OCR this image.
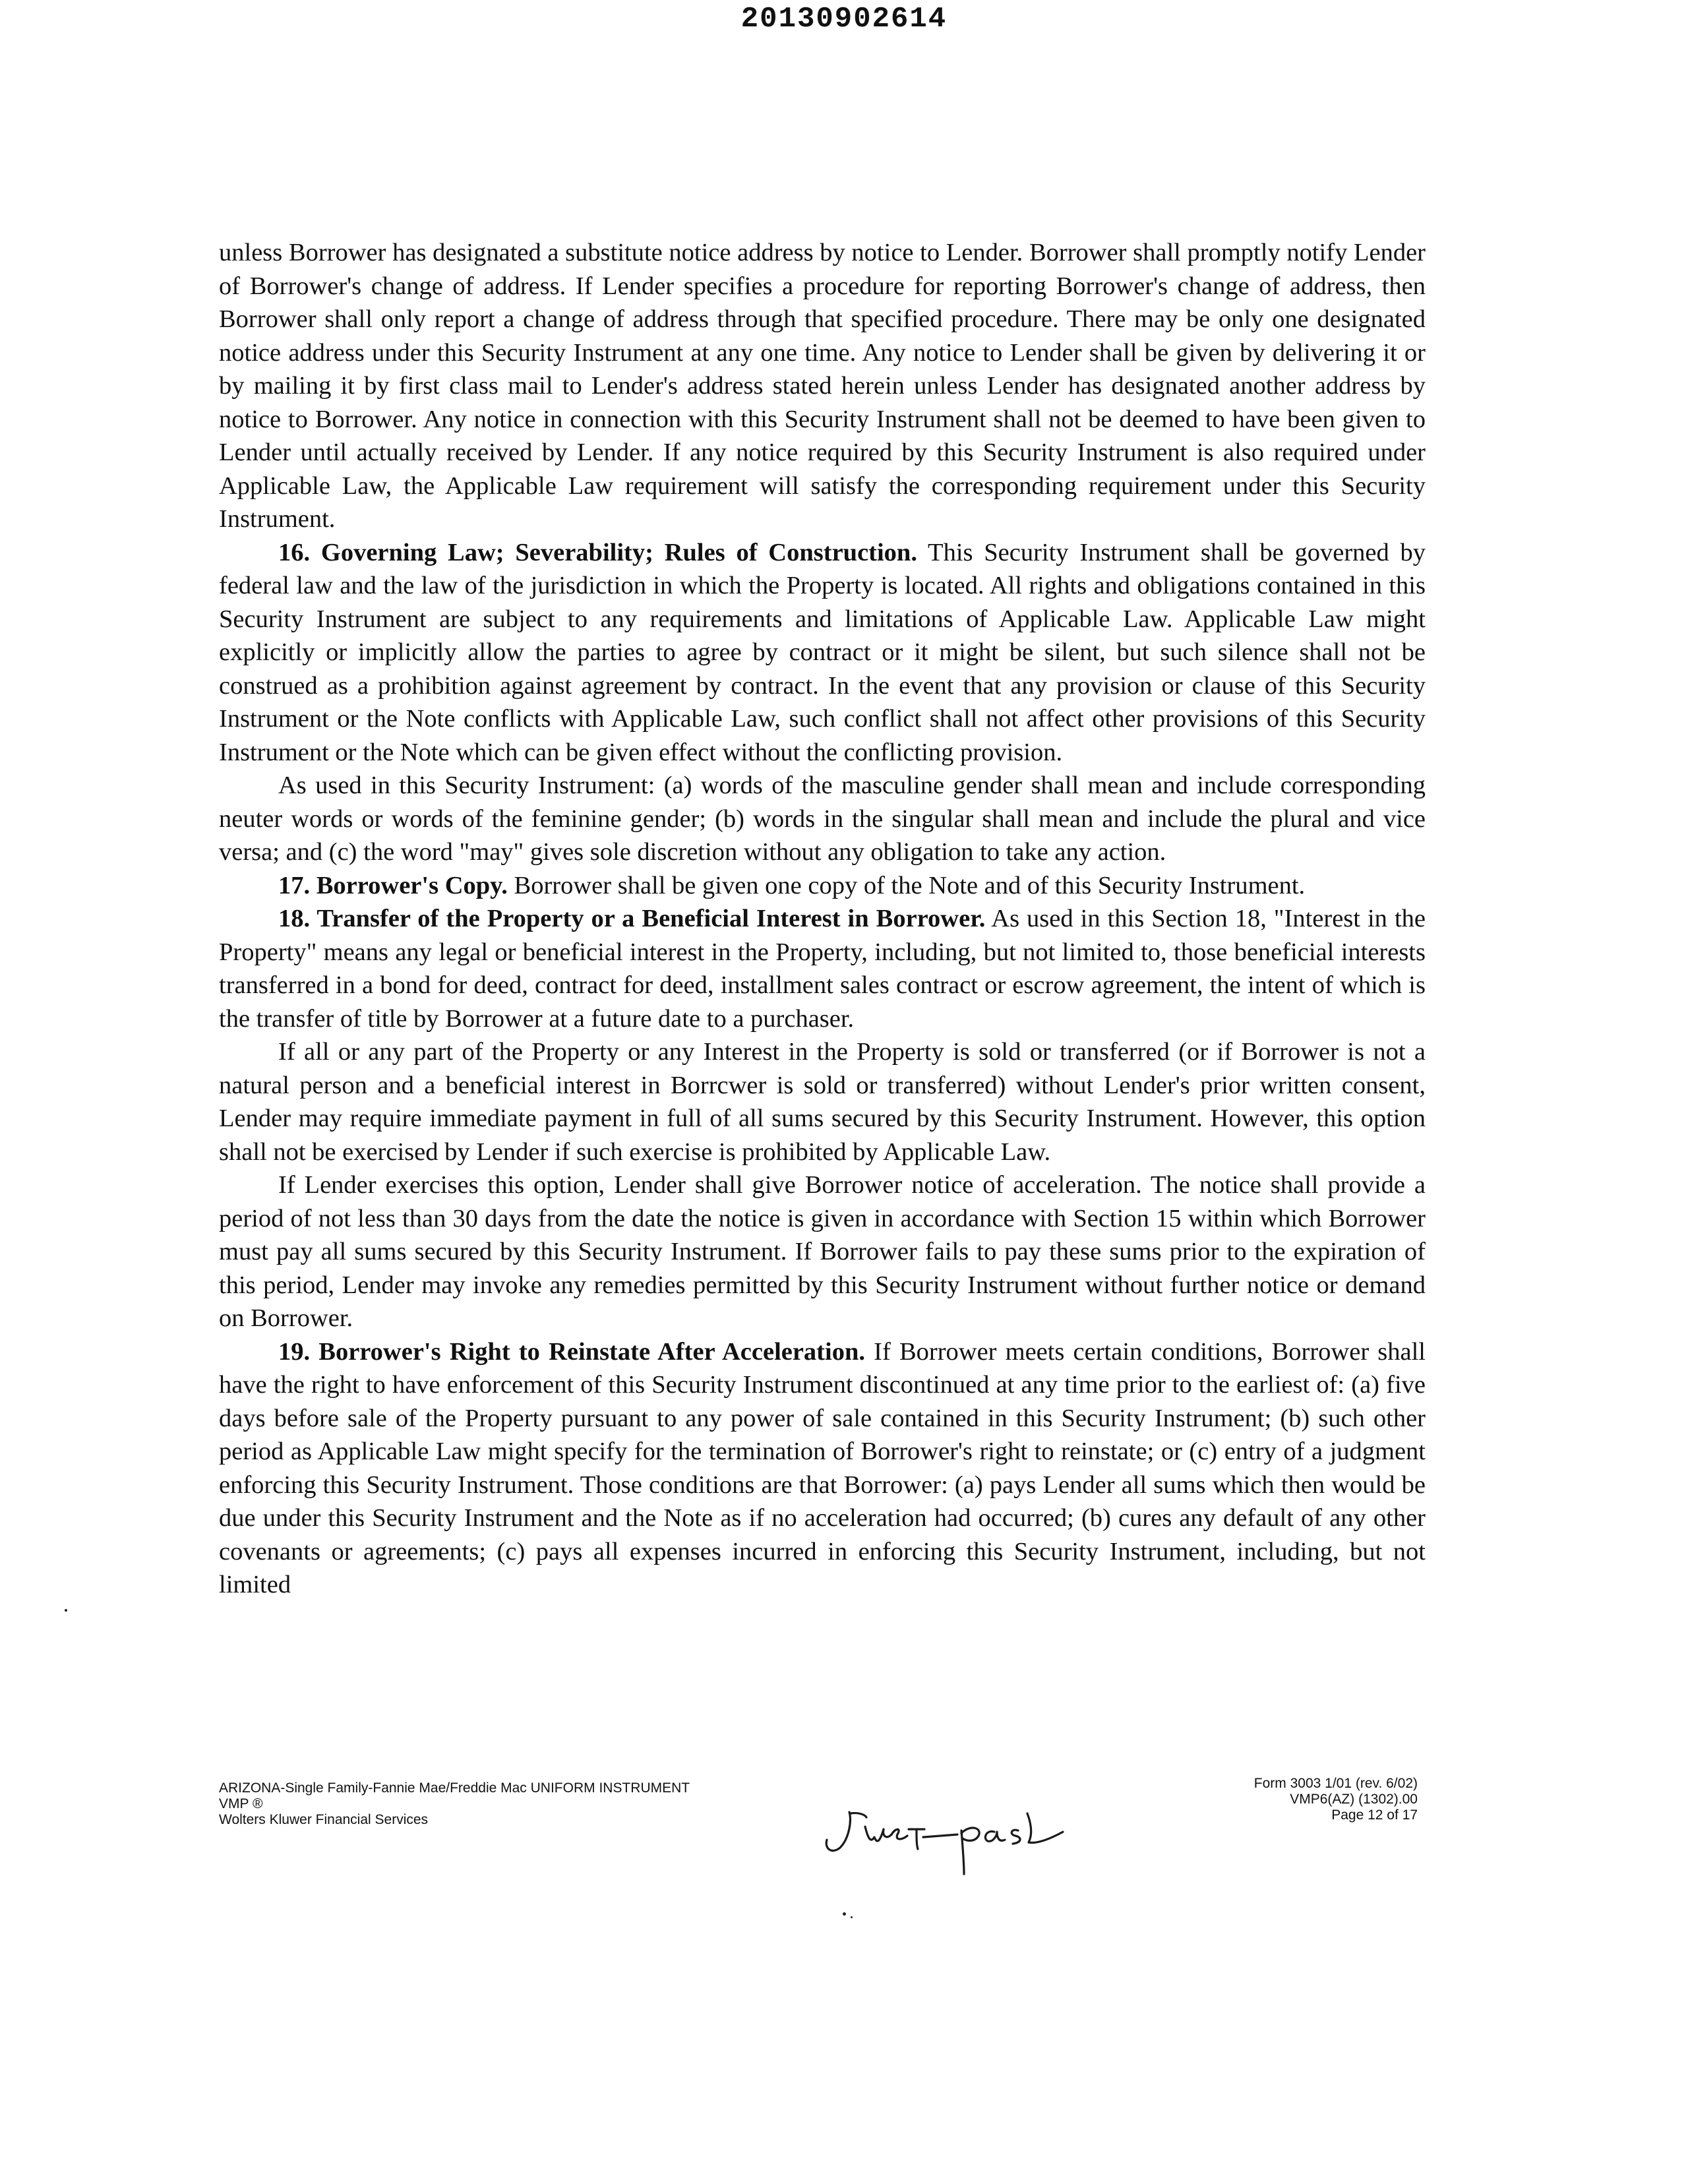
20130902614

unless Borrower has designated a substitute notice address by notice to Lender. Borrower shall promptly notify Lender of Borrower's change of address. If Lender specifies a procedure for reporting Borrower's change of address, then Borrower shall only report a change of address through that specified procedure. There may be only one designated notice address under this Security Instrument at any one time. Any notice to Lender shall be given by delivering it or by mailing it by first class mail to Lender's address stated herein unless Lender has designated another address by notice to Borrower. Any notice in connection with this Security Instrument shall not be deemed to have been given to Lender until actually received by Lender. If any notice required by this Security Instrument is also required under Applicable Law, the Applicable Law requirement will satisfy the corresponding requirement under this Security Instrument.

16. Governing Law; Severability; Rules of Construction. This Security Instrument shall be governed by federal law and the law of the jurisdiction in which the Property is located. All rights and obligations contained in this Security Instrument are subject to any requirements and limitations of Applicable Law. Applicable Law might explicitly or implicitly allow the parties to agree by contract or it might be silent, but such silence shall not be construed as a prohibition against agreement by contract. In the event that any provision or clause of this Security Instrument or the Note conflicts with Applicable Law, such conflict shall not affect other provisions of this Security Instrument or the Note which can be given effect without the conflicting provision.

As used in this Security Instrument: (a) words of the masculine gender shall mean and include corresponding neuter words or words of the feminine gender; (b) words in the singular shall mean and include the plural and vice versa; and (c) the word "may" gives sole discretion without any obligation to take any action.

17. Borrower's Copy. Borrower shall be given one copy of the Note and of this Security Instrument.

18. Transfer of the Property or a Beneficial Interest in Borrower. As used in this Section 18, "Interest in the Property" means any legal or beneficial interest in the Property, including, but not limited to, those beneficial interests transferred in a bond for deed, contract for deed, installment sales contract or escrow agreement, the intent of which is the transfer of title by Borrower at a future date to a purchaser.

If all or any part of the Property or any Interest in the Property is sold or transferred (or if Borrower is not a natural person and a beneficial interest in Borrcwer is sold or transferred) without Lender's prior written consent, Lender may require immediate payment in full of all sums secured by this Security Instrument. However, this option shall not be exercised by Lender if such exercise is prohibited by Applicable Law.

If Lender exercises this option, Lender shall give Borrower notice of acceleration. The notice shall provide a period of not less than 30 days from the date the notice is given in accordance with Section 15 within which Borrower must pay all sums secured by this Security Instrument. If Borrower fails to pay these sums prior to the expiration of this period, Lender may invoke any remedies permitted by this Security Instrument without further notice or demand on Borrower.

19. Borrower's Right to Reinstate After Acceleration. If Borrower meets certain conditions, Borrower shall have the right to have enforcement of this Security Instrument discontinued at any time prior to the earliest of: (a) five days before sale of the Property pursuant to any power of sale contained in this Security Instrument; (b) such other period as Applicable Law might specify for the termination of Borrower's right to reinstate; or (c) entry of a judgment enforcing this Security Instrument. Those conditions are that Borrower: (a) pays Lender all sums which then would be due under this Security Instrument and the Note as if no acceleration had occurred; (b) cures any default of any other covenants or agreements; (c) pays all expenses incurred in enforcing this Security Instrument, including, but not limited

ARIZONA-Single Family-Fannie Mae/Freddie Mac UNIFORM INSTRUMENT
VMP ®
Wolters Kluwer Financial Services
Form 3003 1/01 (rev. 6/02)
VMP6(AZ) (1302).00
Page 12 of 17
